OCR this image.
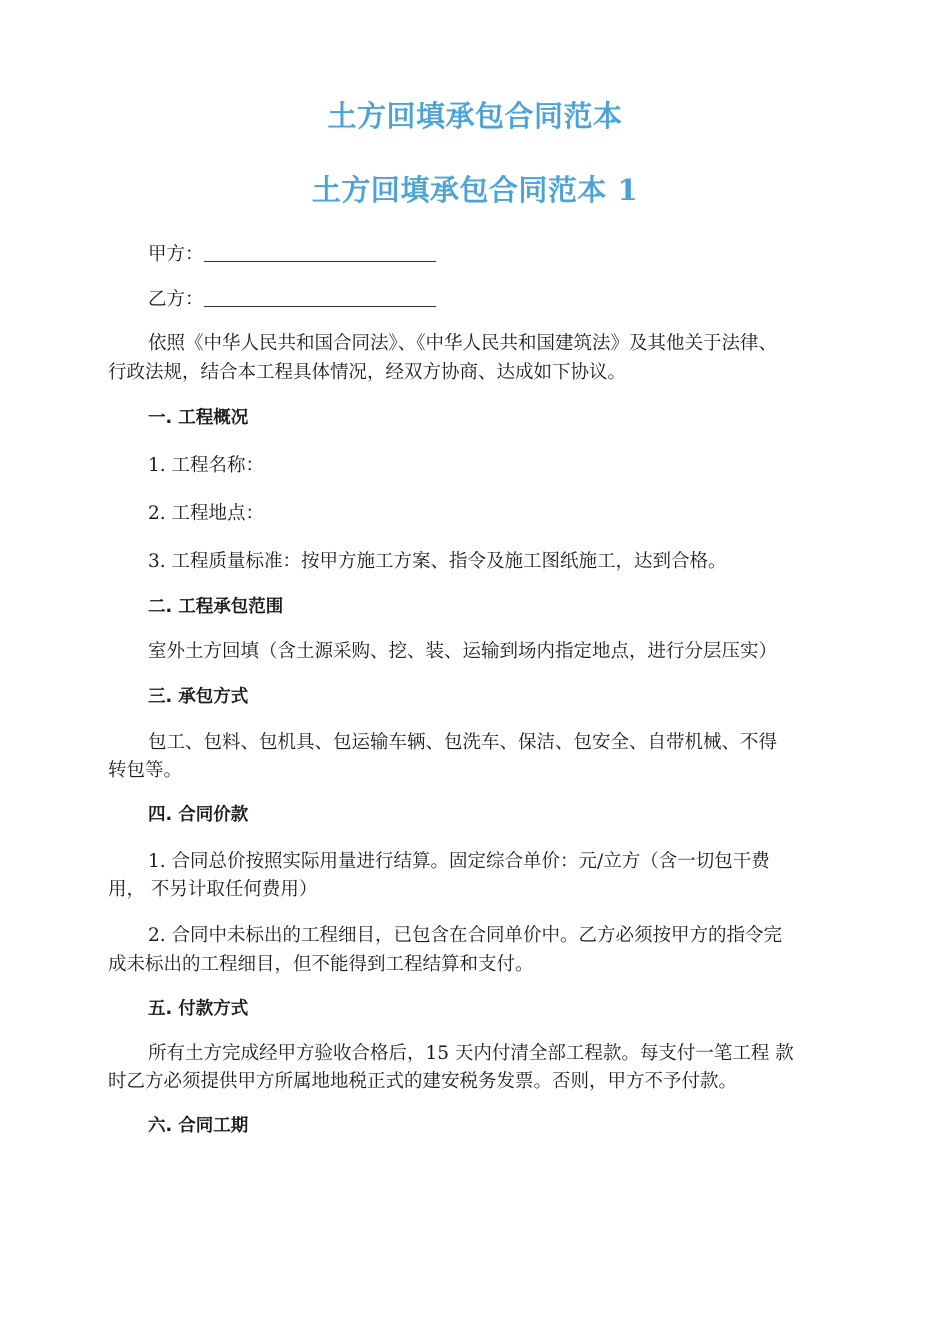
土方回填承包合同范本
土方回填承包合同范本 1
甲方：
乙方：
依照《中华人民共和国合同法》、《中华人民共和国建筑法》及其他关于法律、
行政法规，结合本工程具体情况，经双方协商、达成如下协议。
一. 工程概况
1. 工程名称：
2. 工程地点：
3. 工程质量标准：按甲方施工方案、指令及施工图纸施工，达到合格。
二. 工程承包范围
室外土方回填（含土源采购、挖、装、运输到场内指定地点，进行分层压实）
三. 承包方式
包工、包料、包机具、包运输车辆、包洗车、保洁、包安全、自带机械、不得
转包等。
四. 合同价款
1. 合同总价按照实际用量进行结算。固定综合单价：元/立方（含一切包干费
用， 不另计取任何费用）
2. 合同中未标出的工程细目，已包含在合同单价中。乙方必须按甲方的指令完
成未标出的工程细目，但不能得到工程结算和支付。
五. 付款方式
所有土方完成经甲方验收合格后，15 天内付清全部工程款。每支付一笔工程 款
时乙方必须提供甲方所属地地税正式的建安税务发票。否则，甲方不予付款。
六. 合同工期
